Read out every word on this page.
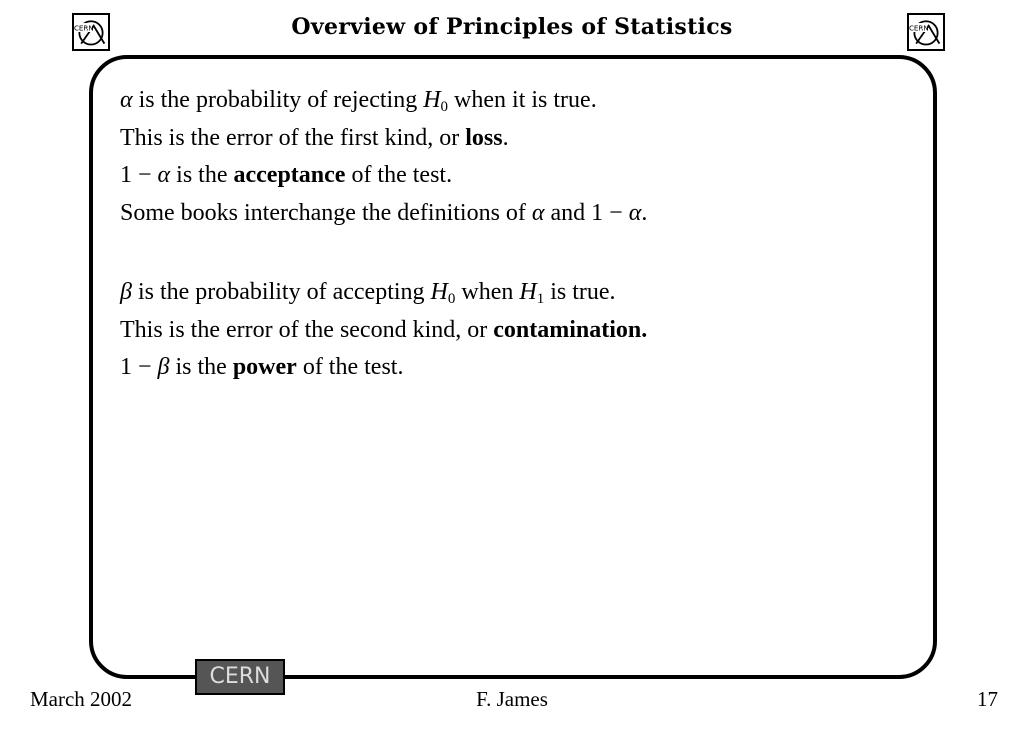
CERN	Overview of Principles of Statistics	CERN

α is the probability of rejecting $H_0$ when it is true.

This is the error of the first kind, or loss.

1 − α is the acceptance of the test.

Some books interchange the definitions of α and 1 − α.

β is the probability of accepting $H_0$ when $H_1$ is true.

This is the error of the second kind, or contamination.

1 − β is the power of the test.

CERN
March 2002	F. James	17
